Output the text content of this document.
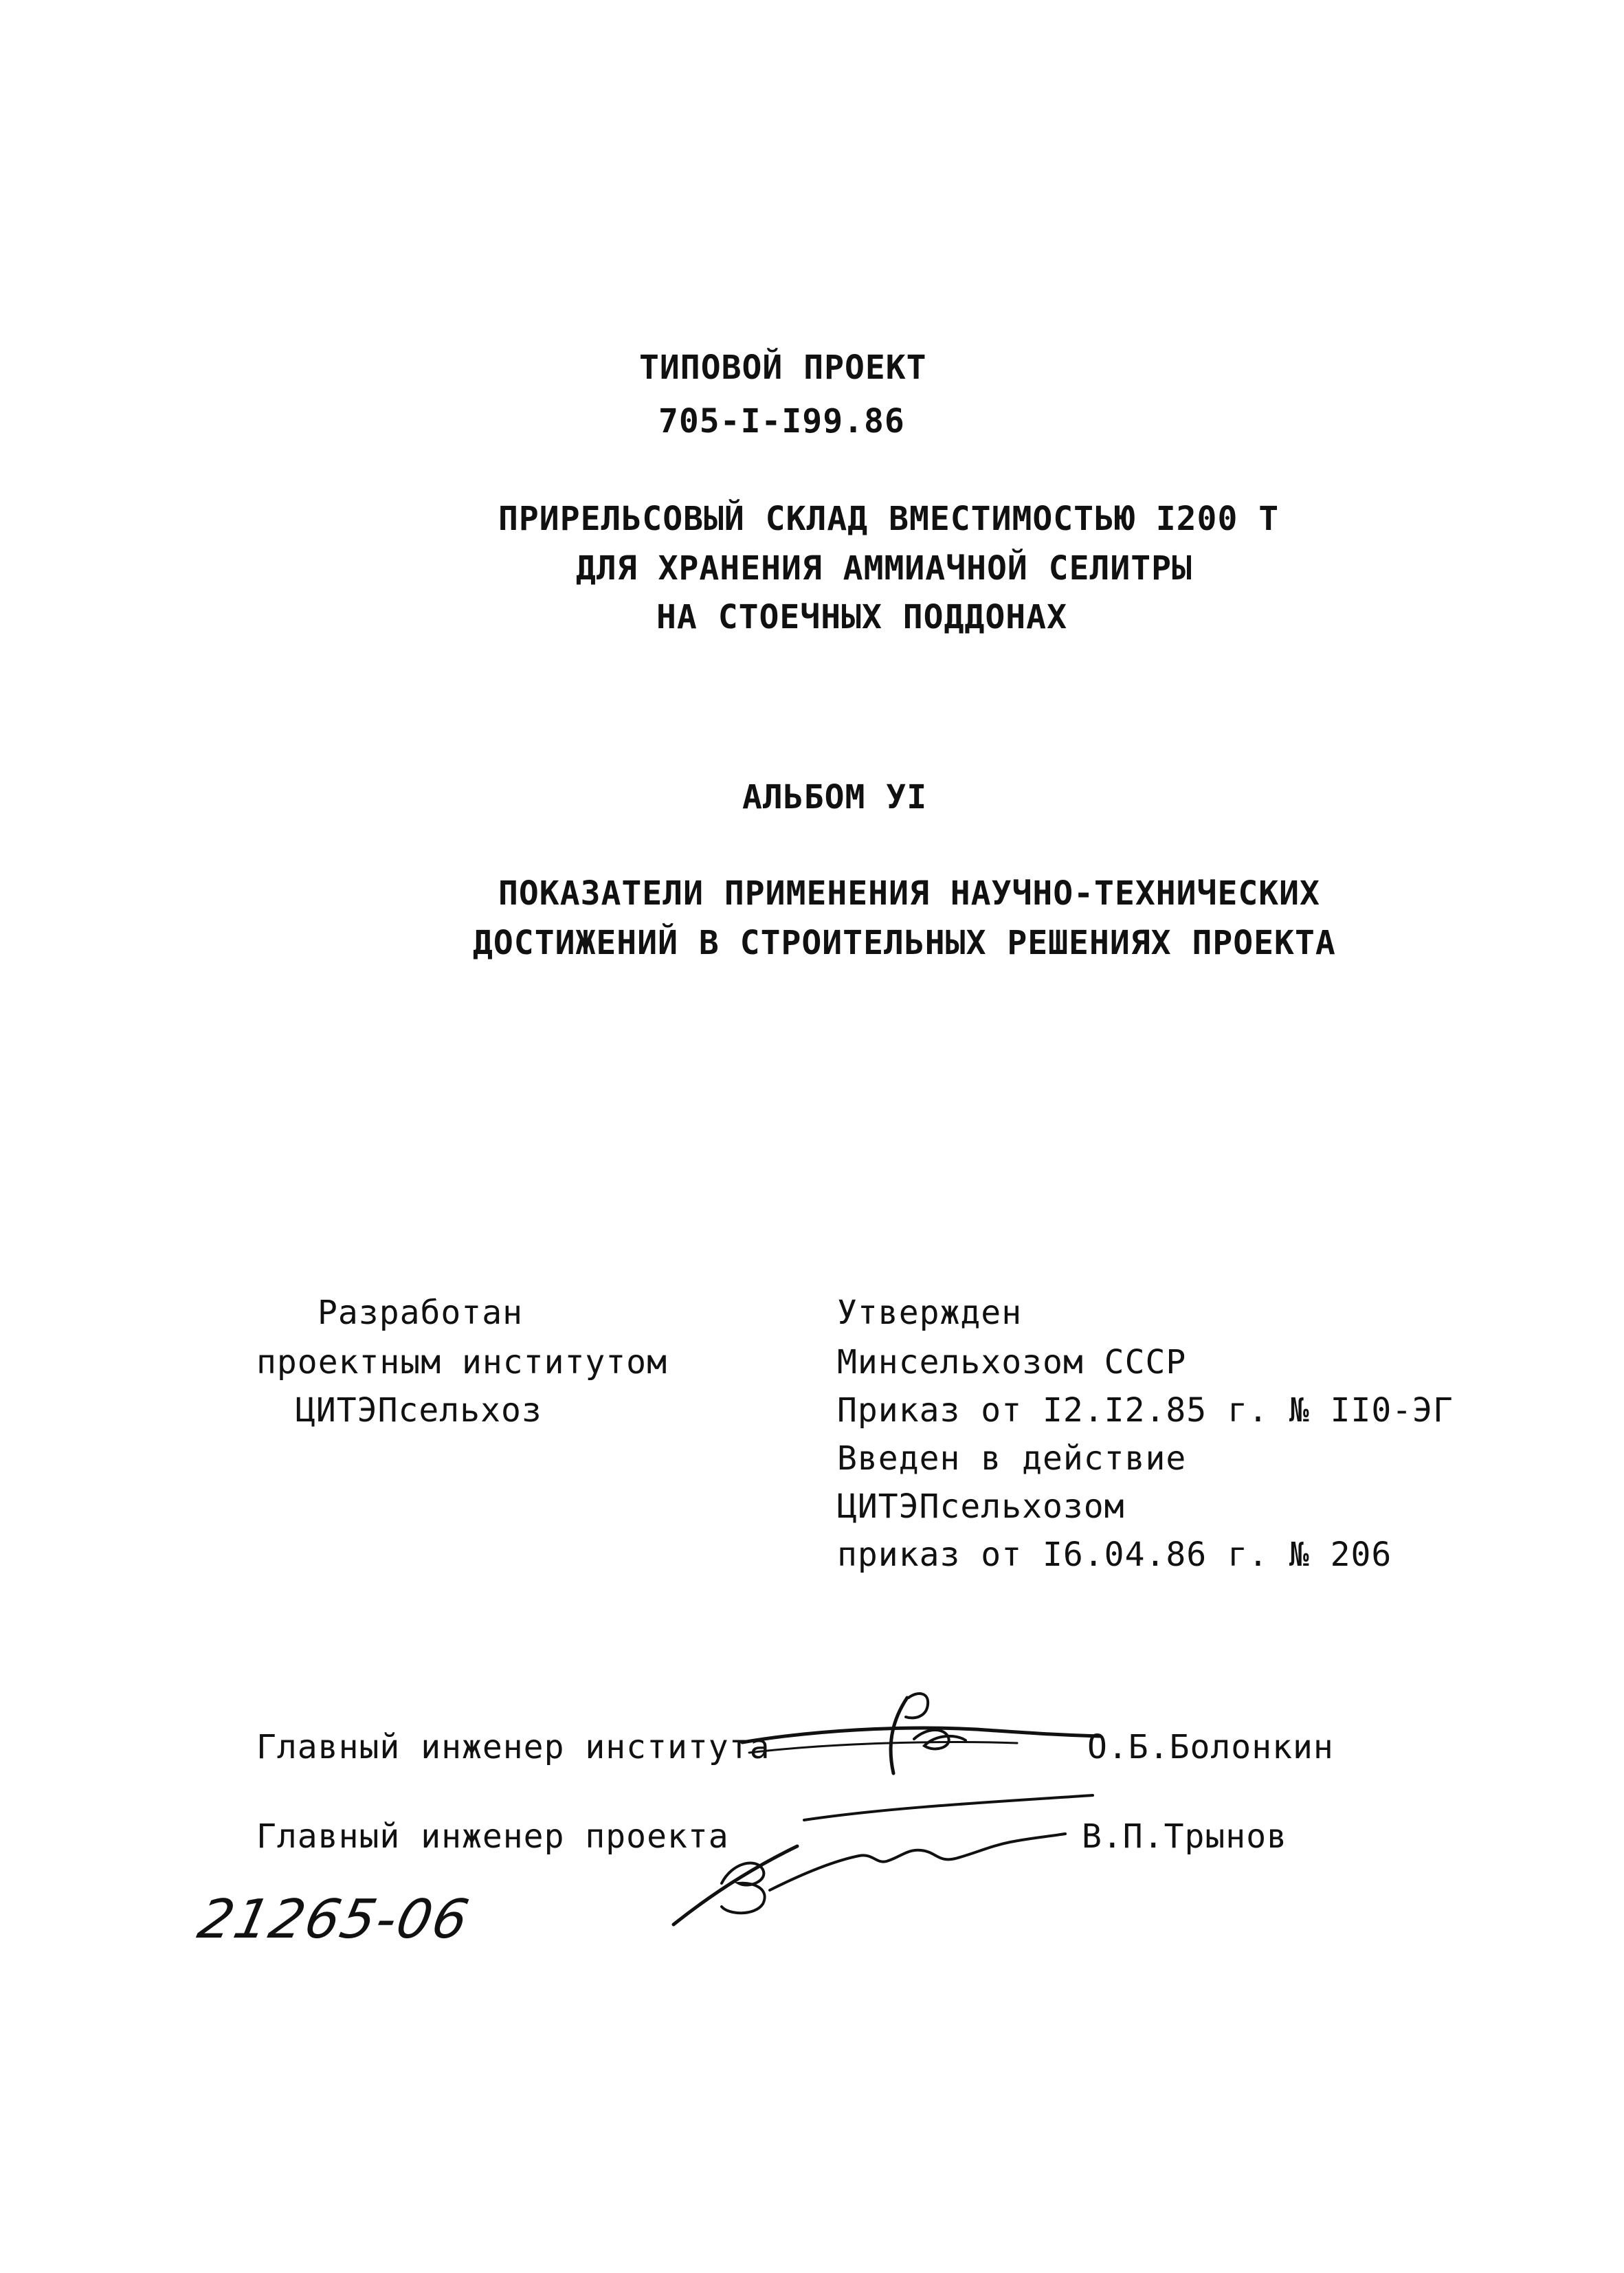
ТИПОВОЙ ПРОЕКТ
705-I-I99.86
ПРИРЕЛЬСОВЫЙ СКЛАД ВМЕСТИМОСТЬЮ I200 Т
ДЛЯ ХРАНЕНИЯ АММИАЧНОЙ СЕЛИТРЫ
НА СТОЕЧНЫХ ПОДДОНАХ
АЛЬБОМ УI
ПОКАЗАТЕЛИ ПРИМЕНЕНИЯ НАУЧНО-ТЕХНИЧЕСКИХ
ДОСТИЖЕНИЙ В СТРОИТЕЛЬНЫХ РЕШЕНИЯХ ПРОЕКТА
Разработан
проектным институтом
ЦИТЭПсельхоз
Утвержден
Минсельхозом СССР
Приказ от I2.I2.85 г. № II0-ЭГ
Введен в действие
ЦИТЭПсельхозом
приказ от I6.04.86 г. № 206
Главный инженер института	О.Б.Болонкин
Главный инженер проекта	В.П.Трынов
21265-06
